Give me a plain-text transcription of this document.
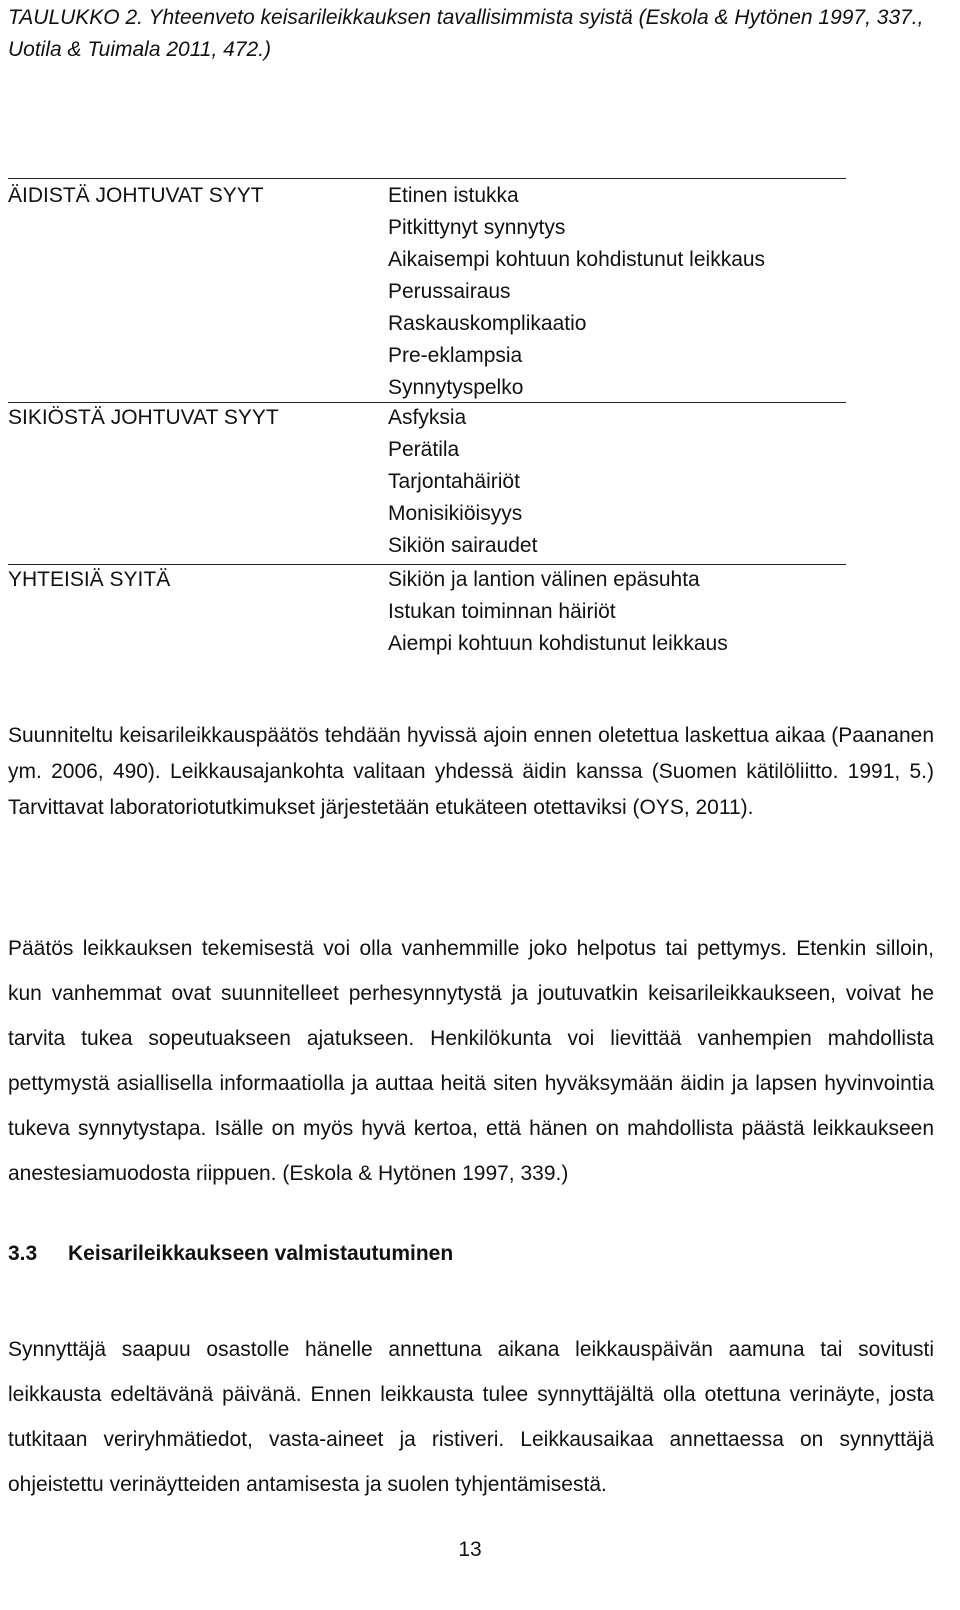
TAULUKKO 2. Yhteenveto keisarileikkauksen tavallisimmista syistä (Eskola & Hytönen 1997, 337., Uotila & Tuimala 2011, 472.)
ÄIDISTÄ JOHTUVAT SYYT	Etinen istukka
Pitkittynyt synnytys
Aikaisempi kohtuun kohdistunut leikkaus
Perussairaus
Raskauskomplikaatio
Pre-eklampsia
Synnytyspelko
SIKIÖSTÄ JOHTUVAT SYYT	Asfyksia
Perätila
Tarjontahäiriöt
Monisikiöisyys
Sikiön sairaudet
YHTEISIÄ SYITÄ	Sikiön ja lantion välinen epäsuhta
Istukan toiminnan häiriöt
Aiempi kohtuun kohdistunut leikkaus

Suunniteltu keisarileikkauspäätös tehdään hyvissä ajoin ennen oletettua laskettua aikaa (Paananen ym. 2006, 490). Leikkausajankohta valitaan yhdessä äidin kanssa (Suomen kätilöliitto. 1991, 5.) Tarvittavat laboratoriotutkimukset järjestetään etukäteen otettaviksi (OYS, 2011).

Päätös leikkauksen tekemisestä voi olla vanhemmille joko helpotus tai pettymys. Etenkin silloin, kun vanhemmat ovat suunnitelleet perhesynnytystä ja joutuvatkin keisarileikkaukseen, voivat he tarvita tukea sopeutuakseen ajatukseen. Henkilökunta voi lievittää vanhempien mahdollista pettymystä asiallisella informaatiolla ja auttaa heitä siten hyväksymään äidin ja lapsen hyvinvointia tukeva synnytystapa. Isälle on myös hyvä kertoa, että hänen on mahdollista päästä leikkaukseen anestesiamuodosta riippuen. (Eskola & Hytönen 1997, 339.)

3.3 Keisarileikkaukseen valmistautuminen

Synnyttäjä saapuu osastolle hänelle annettuna aikana leikkauspäivän aamuna tai sovitusti leikkausta edeltävänä päivänä. Ennen leikkausta tulee synnyttäjältä olla otettuna verinäyte, josta tutkitaan veriryhmätiedot, vasta-aineet ja ristiveri. Leikkausaikaa annettaessa on synnyttäjä ohjeistettu verinäytteiden antamisesta ja suolen tyhjentämisestä.

13
